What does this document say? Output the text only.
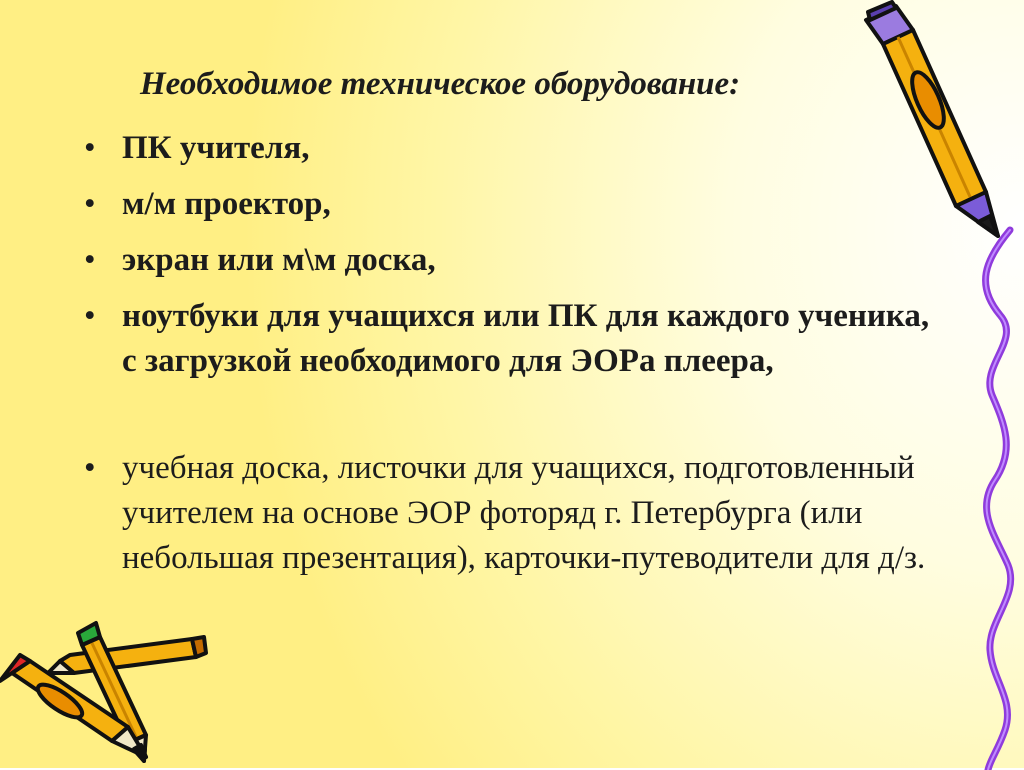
Необходимое техническое оборудование:
• ПК учителя,

• м/м проектор,

• экран или м\м доска,

• ноутбуки для учащихся или ПК для каждого ученика, с загрузкой необходимого для ЭОРа плеера,

• учебная доска, листочки для учащихся, подготовленный учителем на основе ЭОР фоторяд г. Петербурга (или небольшая презентация), карточки-путеводители для д/з.
